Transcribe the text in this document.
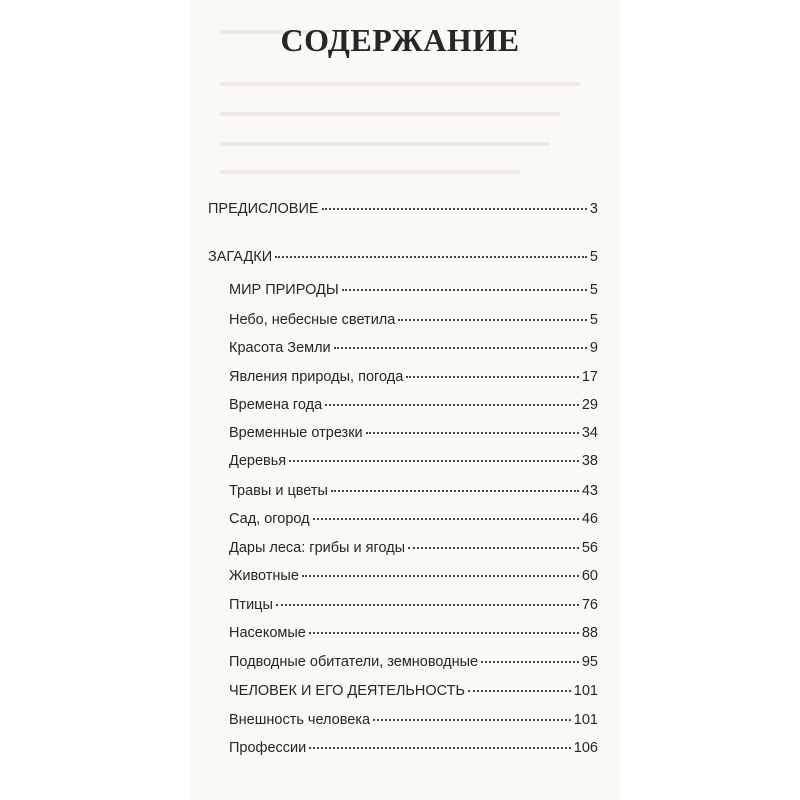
СОДЕРЖАНИЕ
ПРЕДИСЛОВИЕ	3
ЗАГАДКИ	5
МИР ПРИРОДЫ	5
Небо, небесные светила	5
Красота Земли	9
Явления природы, погода	17
Времена года	29
Временные отрезки	34
Деревья	38
Травы и цветы	43
Сад, огород	46
Дары леса: грибы и ягоды	56
Животные	60
Птицы	76
Насекомые	88
Подводные обитатели, земноводные	95
ЧЕЛОВЕК И ЕГО ДЕЯТЕЛЬНОСТЬ	101
Внешность человека	101
Профессии	106
